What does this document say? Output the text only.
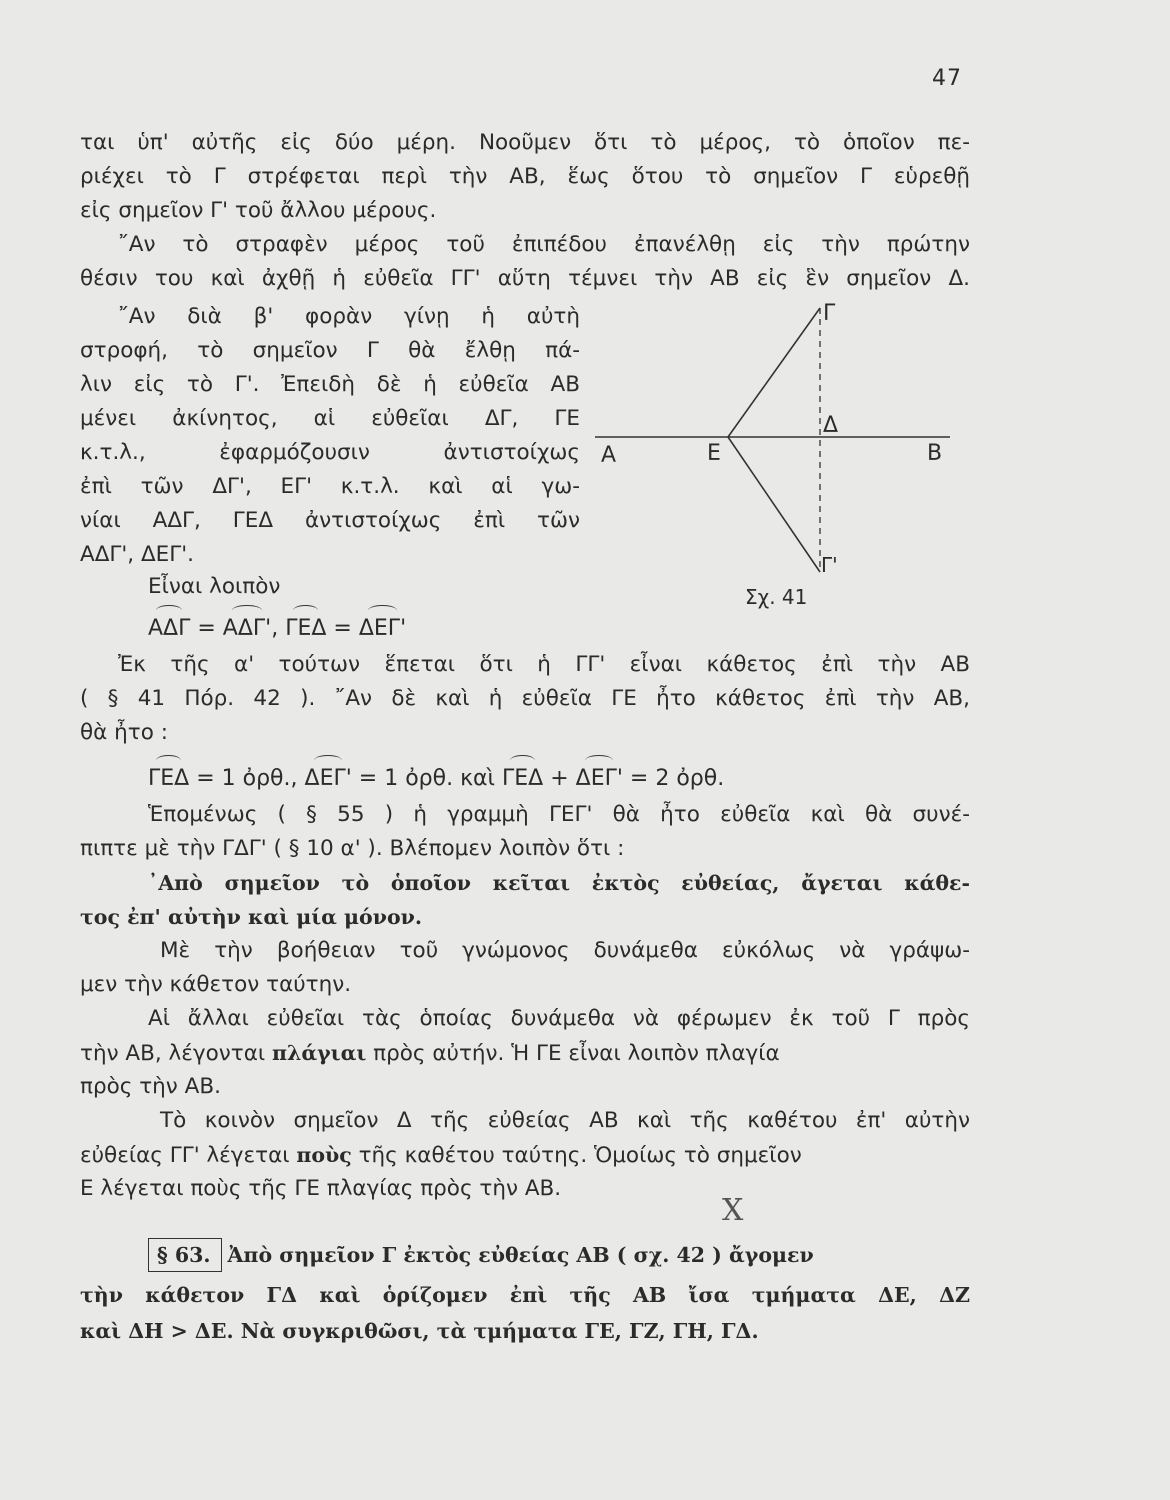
47
ται ὑπ' αὐτῆς εἰς δύο μέρη. Νοοῦμεν ὅτι τὸ μέρος, τὸ ὁποῖον πε-
ριέχει τὸ Γ στρέφεται περὶ τὴν ΑΒ, ἕως ὅτου τὸ σημεῖον Γ εὑρεθῇ
εἰς σημεῖον Γ' τοῦ ἄλλου μέρους.
῎Αν τὸ στραφὲν μέρος τοῦ ἐπιπέδου ἐπανέλθῃ εἰς τὴν πρώτην
θέσιν του καὶ ἀχθῇ ἡ εὐθεῖα ΓΓ' αὕτη τέμνει τὴν ΑΒ εἰς ἓν σημεῖον Δ.
῎Αν διὰ β' φορὰν γίνῃ ἡ αὐτὴ
στροφή, τὸ σημεῖον Γ θὰ ἔλθῃ πά-
λιν εἰς τὸ Γ'. Ἐπειδὴ δὲ ἡ εὐθεῖα ΑΒ
μένει ἀκίνητος, αἱ εὐθεῖαι ΔΓ, ΓΕ
κ.τ.λ., ἐφαρμόζουσιν ἀντιστοίχως
ἐπὶ τῶν ΔΓ', ΕΓ' κ.τ.λ. καὶ αἱ γω-
νίαι ΑΔΓ, ΓΕΔ ἀντιστοίχως ἐπὶ τῶν
ΑΔΓ', ΔΕΓ'.
Εἶναι λοιπὸν
ΑΔΓ = ΑΔΓ', ΓΕΔ = ΔΕΓ'
Ἐκ τῆς α' τούτων ἕπεται ὅτι ἡ ΓΓ' εἶναι κάθετος ἐπὶ τὴν ΑΒ
( § 41 Πόρ. 42 ). ῎Αν δὲ καὶ ἡ εὐθεῖα ΓΕ ἦτο κάθετος ἐπὶ τὴν ΑΒ,
θὰ ἦτο :
ΓΕΔ = 1 ὀρθ., ΔΕΓ' = 1 ὀρθ. καὶ ΓΕΔ + ΔΕΓ' = 2 ὀρθ.
Ἑπομένως ( § 55 ) ἡ γραμμὴ ΓΕΓ' θὰ ἦτο εὐθεῖα καὶ θὰ συνέ-
πιπτε μὲ τὴν ΓΔΓ' ( § 10 α' ). Βλέπομεν λοιπὸν ὅτι :
᾿Απὸ σημεῖον τὸ ὁποῖον κεῖται ἐκτὸς εὐθείας, ἄγεται κάθε-
τος ἐπ' αὐτὴν καὶ μία μόνον.
Μὲ τὴν βοήθειαν τοῦ γνώμονος δυνάμεθα εὐκόλως νὰ γράψω-
μεν τὴν κάθετον ταύτην.
Αἱ ἄλλαι εὐθεῖαι τὰς ὁποίας δυνάμεθα νὰ φέρωμεν ἐκ τοῦ Γ πρὸς
τὴν ΑΒ, λέγονται πλάγιαι πρὸς αὐτήν. Ἡ ΓΕ εἶναι λοιπὸν πλαγία
πρὸς τὴν ΑΒ.
Τὸ κοινὸν σημεῖον Δ τῆς εὐθείας ΑΒ καὶ τῆς καθέτου ἐπ' αὐτὴν
εὐθείας ΓΓ' λέγεται ποὺς τῆς καθέτου ταύτης. Ὁμοίως τὸ σημεῖον
Ε λέγεται ποὺς τῆς ΓΕ πλαγίας πρὸς τὴν ΑΒ.
X
§ 63. Ἀπὸ σημεῖον Γ ἐκτὸς εὐθείας ΑΒ ( σχ. 42 ) ἄγομεν
τὴν κάθετον ΓΔ καὶ ὁρίζομεν ἐπὶ τῆς ΑΒ ἴσα τμήματα ΔΕ, ΔΖ
καὶ ΔΗ > ΔΕ. Νὰ συγκριθῶσι, τὰ τμήματα ΓΕ, ΓΖ, ΓΗ, ΓΔ.
Α	Ε	Β
Γ
Δ
Γ'
Σχ. 41
